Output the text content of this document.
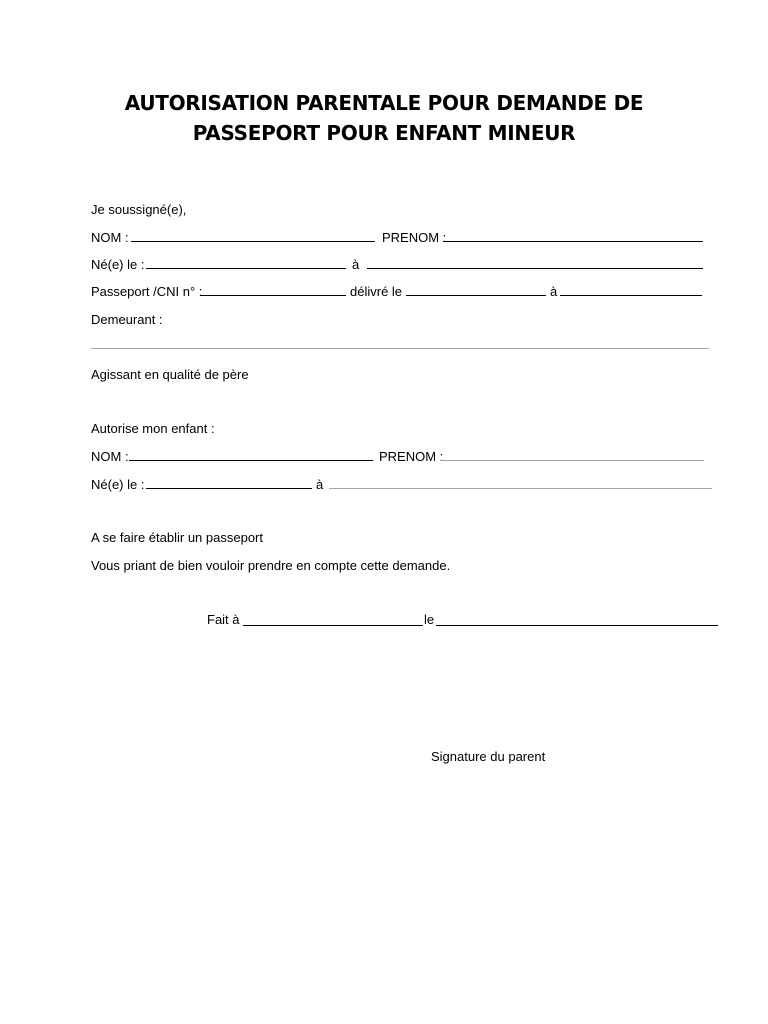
AUTORISATION PARENTALE POUR DEMANDE DE
PASSEPORT POUR ENFANT MINEUR
Je soussigné(e),
NOM :	PRENOM :
Né(e) le :	à
Passeport /CNI n° :	délivré le	à
Demeurant :
Agissant en qualité de père
Autorise mon enfant :
NOM :	PRENOM :
Né(e) le :	à
A se faire établir un passeport
Vous priant de bien vouloir prendre en compte cette demande.
Fait à	le
Signature du parent
